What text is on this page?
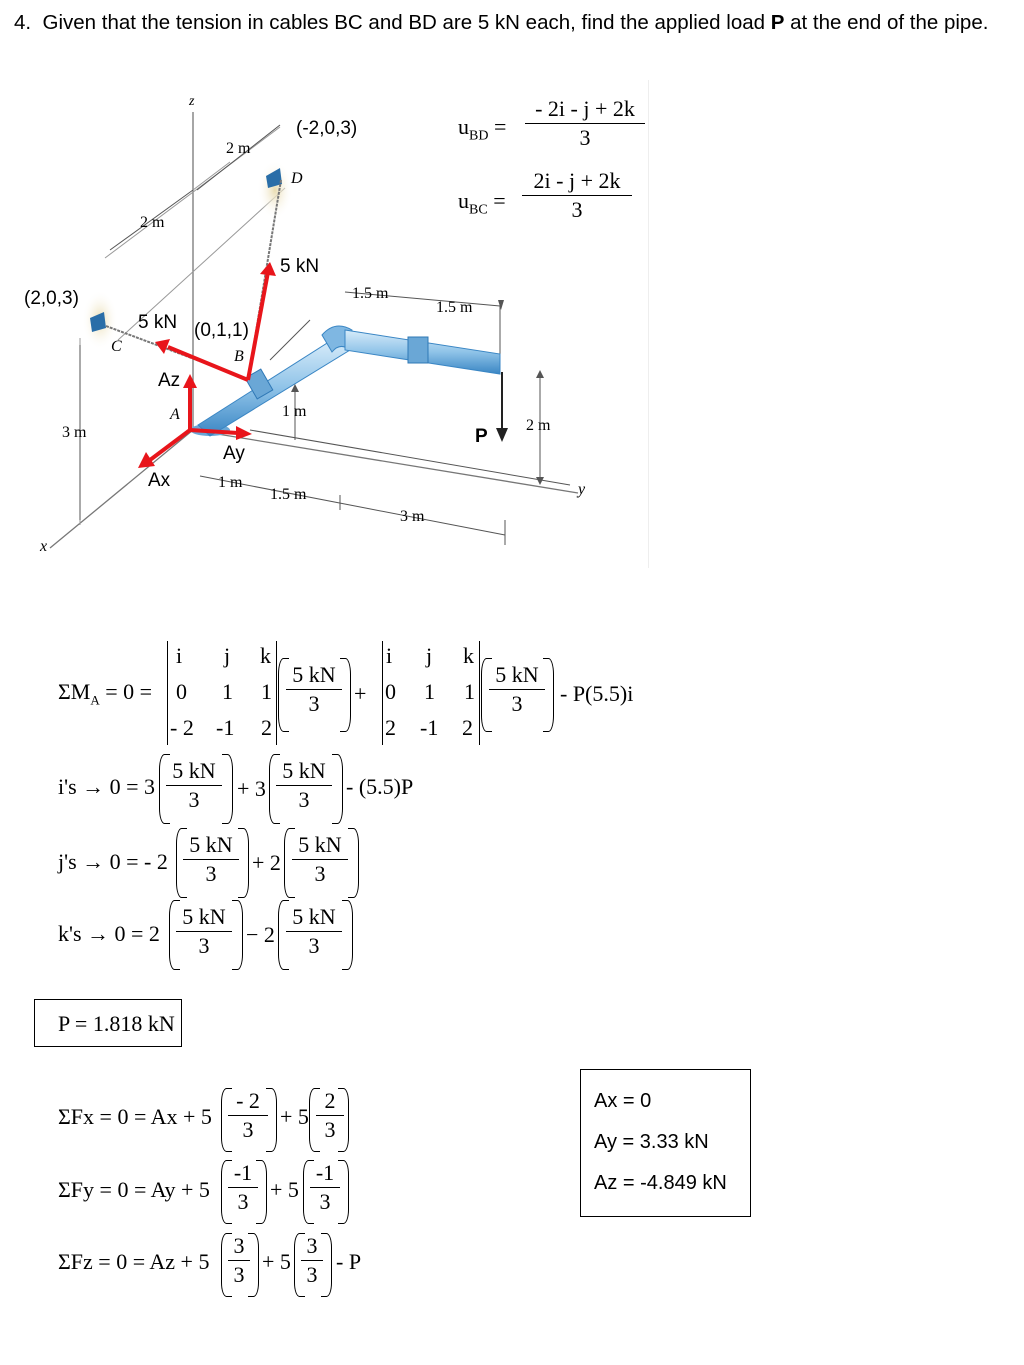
4. Given that the tension in cables BC and BD are 5 kN each, find the applied load P at the end of the pipe.
(-2,0,3)
(2,0,3)
(0,1,1)
D
C
B
A
z
x
y
5 kN
5 kN
Az
Ay
Ax
P
2 m
2 m
3 m
1 m
2 m
1.5 m
1.5 m
1 m
1.5 m
3 m
$u_{BD}$ =
- 2i - j + 2k
3
$u_{BC}$ =
2i - j + 2k
3
$\Sigma M_A = 0$ =
i j k
0 1 1
- 2 -1 2
5 kN
3	+
i j k
0 1 1
2 -1 2
5 kN
3	- P(5.5)i
i's → 0 = 3
5 kN
3	+ 3
5 kN
3
- (5.5)P
j's → 0 = - 2
5 kN
3	+ 2
5 kN
3
k's → 0 = 2
5 kN
3	− 2
5 kN
3
P = 1.818 kN
ΣFx = 0 = Ax + 5
- 2
3
+ 5
2
3
ΣFy = 0 = Ay + 5
-1
3 + 5
-1
3
ΣFz = 0 = Az + 5
3
3
+ 5
3
3
- P
Ax = 0
Ay = 3.33 kN
Az = -4.849 kN
